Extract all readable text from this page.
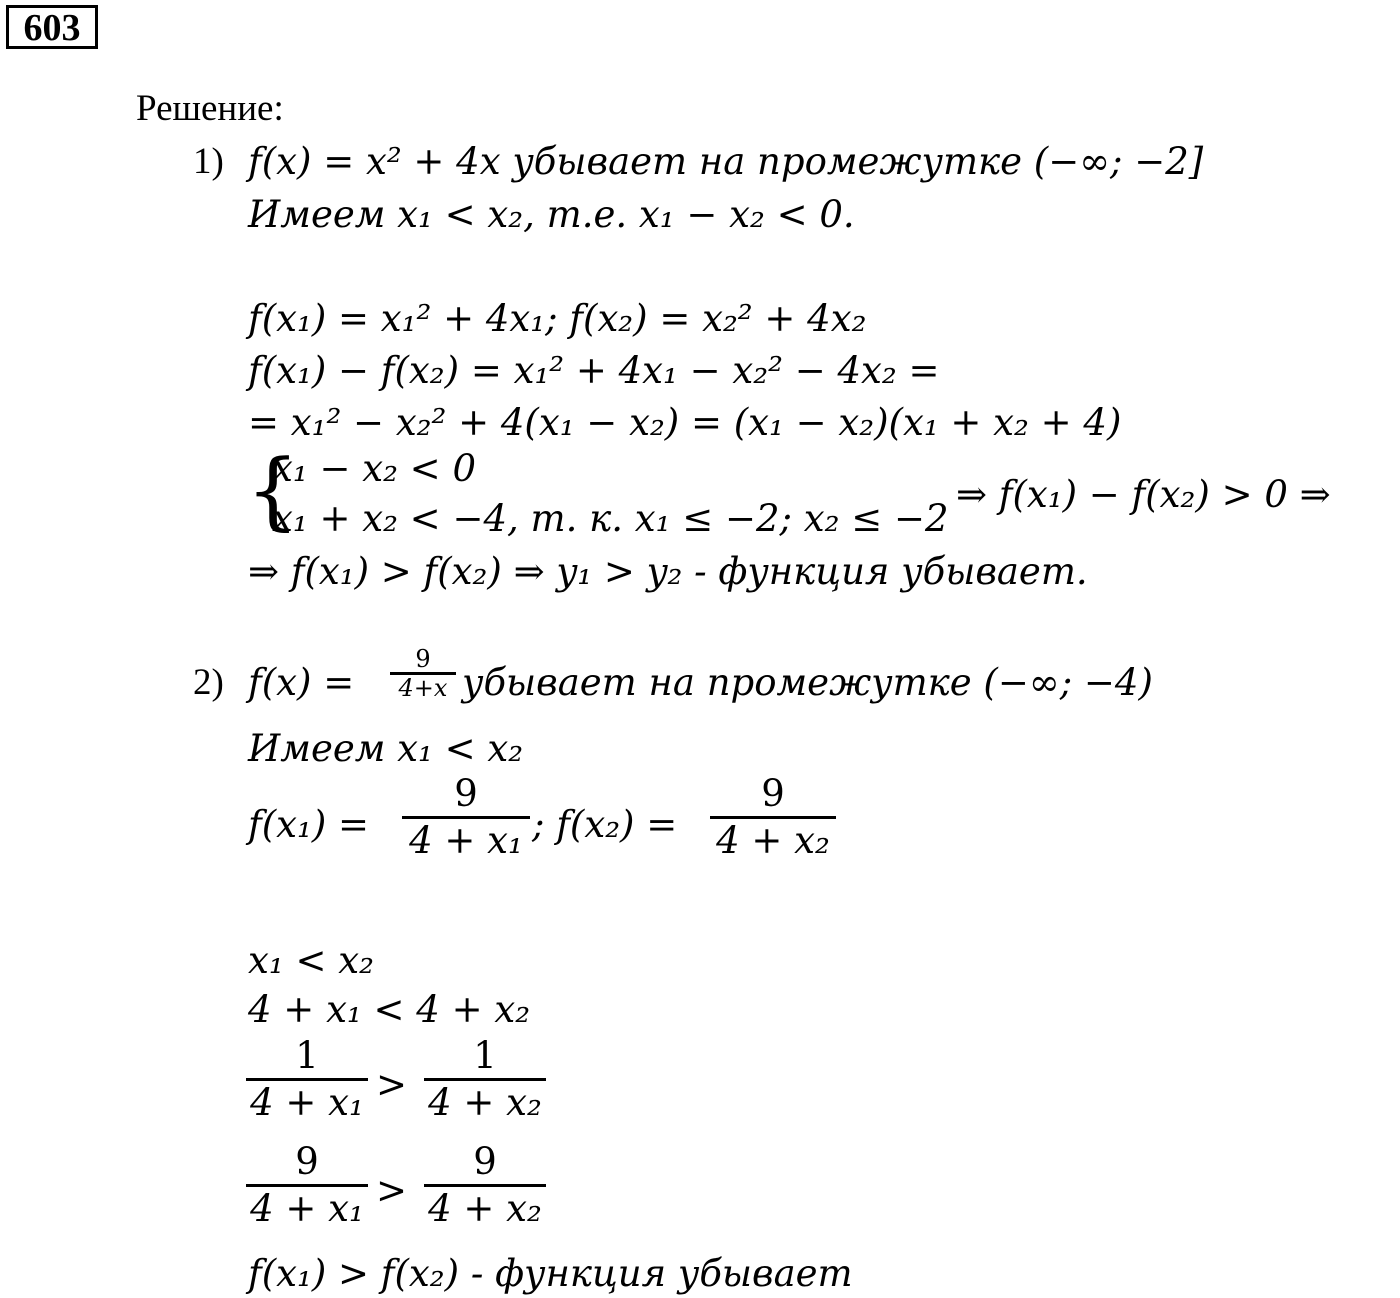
603
Решение:
1) f(x) = x² + 4x убывает на промежутке (−∞; −2]
Имеем x₁ < x₂, т.е. x₁ − x₂ < 0.
f(x₁) = x₁² + 4x₁; f(x₂) = x₂² + 4x₂
f(x₁) − f(x₂) = x₁² + 4x₁ − x₂² − 4x₂ =
= x₁² − x₂² + 4(x₁ − x₂) = (x₁ − x₂)(x₁ + x₂ + 4)
{
x₁ − x₂ < 0
x₁ + x₂ < −4, т. к. x₁ ≤ −2; x₂ ≤ −2
⇒ f(x₁) − f(x₂) > 0 ⇒
⇒ f(x₁) > f(x₂) ⇒ y₁ > y₂ - функция убывает.
2) f(x) =
9
4+x убывает на промежутке (−∞; −4)
Имеем x₁ < x₂
f(x₁) =
9
4 + x₁ ; f(x₂) =
9
4 + x₂
x₁ < x₂
4 + x₁ < 4 + x₂
1
4 + x₁ >
1
4 + x₂
9
4 + x₁ >
9
4 + x₂
f(x₁) > f(x₂) - функция убывает
